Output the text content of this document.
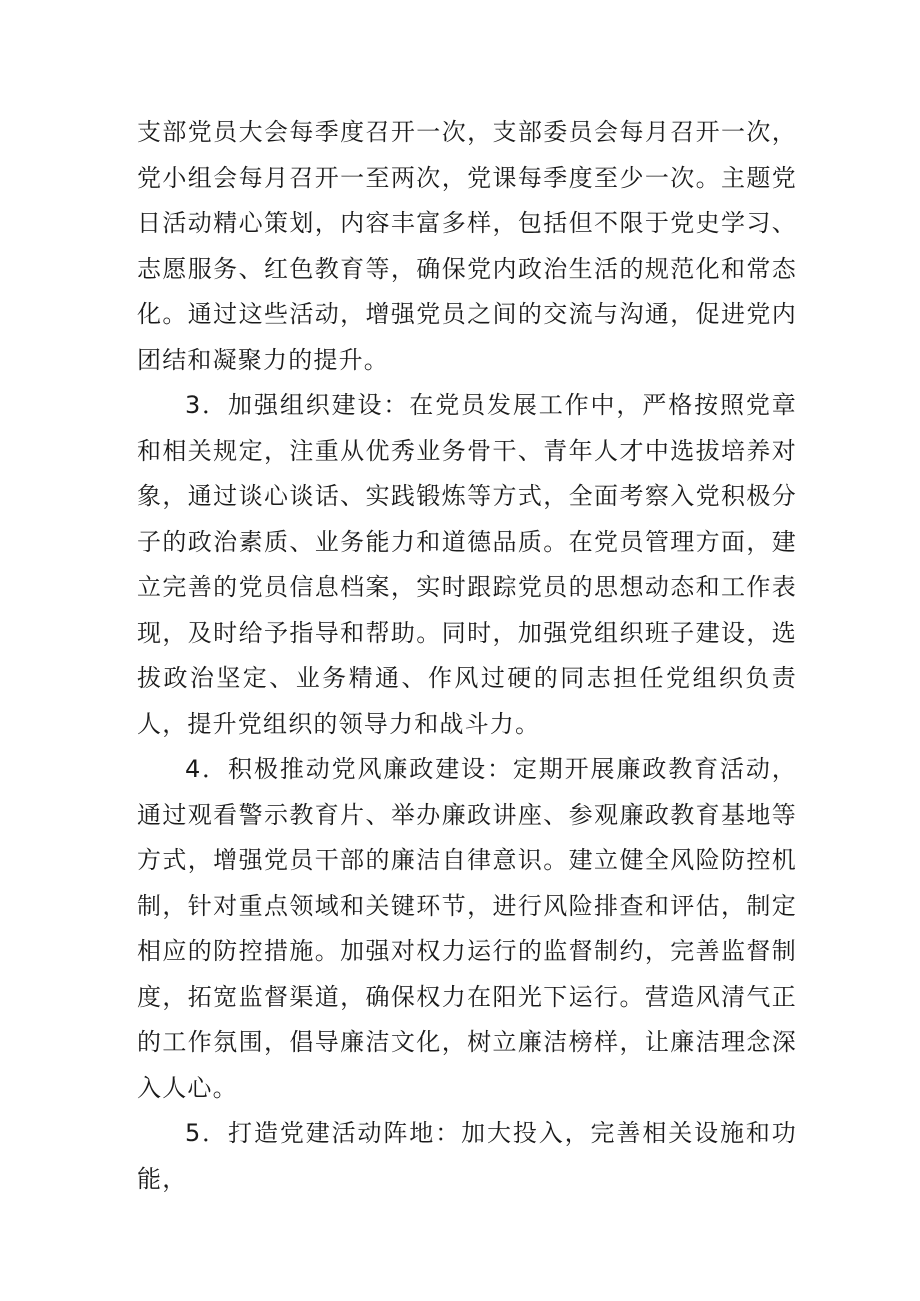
支部党员大会每季度召开一次，支部委员会每月召开一次，党小组会每月召开一至两次，党课每季度至少一次。主题党日活动精心策划，内容丰富多样，包括但不限于党史学习、志愿服务、红色教育等，确保党内政治生活的规范化和常态化。通过这些活动，增强党员之间的交流与沟通，促进党内团结和凝聚力的提升。

3．加强组织建设：在党员发展工作中，严格按照党章和相关规定，注重从优秀业务骨干、青年人才中选拔培养对象，通过谈心谈话、实践锻炼等方式，全面考察入党积极分子的政治素质、业务能力和道德品质。在党员管理方面，建立完善的党员信息档案，实时跟踪党员的思想动态和工作表现，及时给予指导和帮助。同时，加强党组织班子建设，选拔政治坚定、业务精通、作风过硬的同志担任党组织负责人，提升党组织的领导力和战斗力。

4．积极推动党风廉政建设：定期开展廉政教育活动，通过观看警示教育片、举办廉政讲座、参观廉政教育基地等方式，增强党员干部的廉洁自律意识。建立健全风险防控机制，针对重点领域和关键环节，进行风险排查和评估，制定相应的防控措施。加强对权力运行的监督制约，完善监督制度，拓宽监督渠道，确保权力在阳光下运行。营造风清气正的工作氛围，倡导廉洁文化，树立廉洁榜样，让廉洁理念深入人心。

5．打造党建活动阵地：加大投入，完善相关设施和功能，
